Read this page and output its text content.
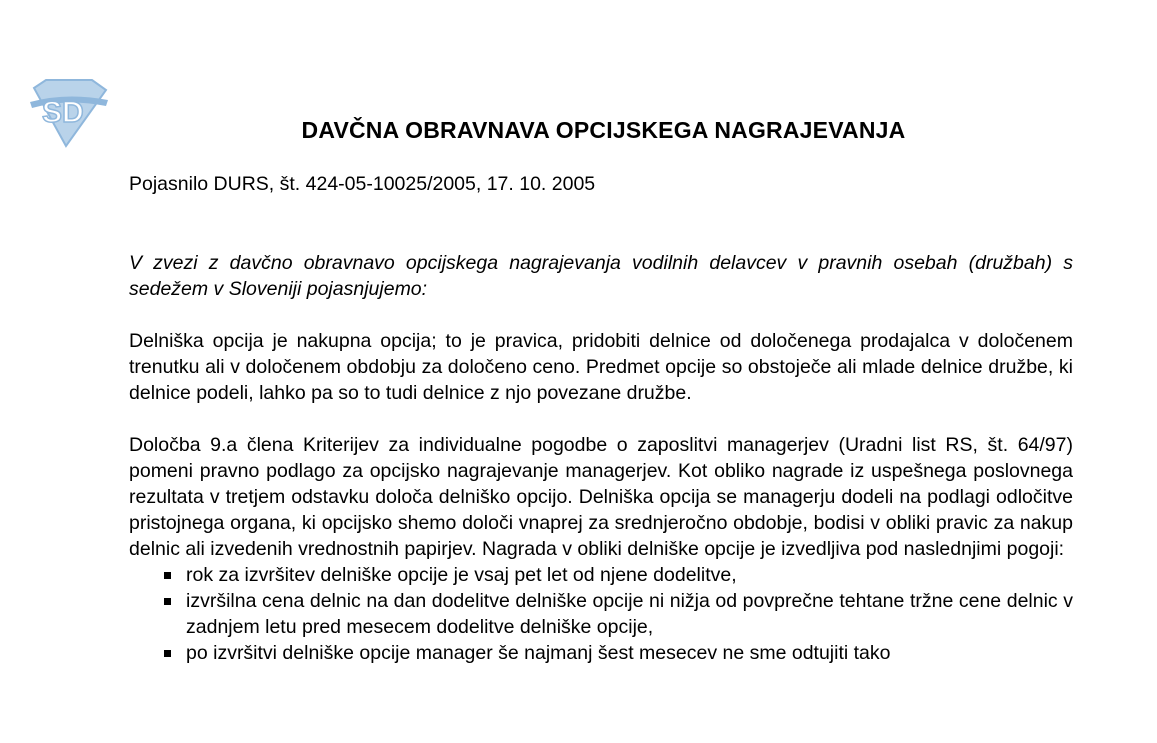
SD
DAVČNA OBRAVNAVA OPCIJSKEGA NAGRAJEVANJA
Pojasnilo DURS, št. 424-05-10025/2005, 17. 10. 2005

V zvezi z davčno obravnavo opcijskega nagrajevanja vodilnih delavcev v pravnih osebah (družbah) s sedežem v Sloveniji pojasnjujemo:

Delniška opcija je nakupna opcija; to je pravica, pridobiti delnice od določenega prodajalca v določenem trenutku ali v določenem obdobju za določeno ceno. Predmet opcije so obstoječe ali mlade delnice družbe, ki delnice podeli, lahko pa so to tudi delnice z njo povezane družbe.

Določba 9.a člena Kriterijev za individualne pogodbe o zaposlitvi managerjev (Uradni list RS, št. 64/97) pomeni pravno podlago za opcijsko nagrajevanje managerjev. Kot obliko nagrade iz uspešnega poslovnega rezultata v tretjem odstavku določa delniško opcijo. Delniška opcija se managerju dodeli na podlagi odločitve pristojnega organa, ki opcijsko shemo določi vnaprej za srednjeročno obdobje, bodisi v obliki pravic za nakup delnic ali izvedenih vrednostnih papirjev. Nagrada v obliki delniške opcije je izvedljiva pod naslednjimi pogoji:

rok za izvršitev delniške opcije je vsaj pet let od njene dodelitve,
izvršilna cena delnic na dan dodelitve delniške opcije ni nižja od povprečne tehtane tržne cene delnic v zadnjem letu pred mesecem dodelitve delniške opcije,
po izvršitvi delniške opcije manager še najmanj šest mesecev ne sme odtujiti tako
